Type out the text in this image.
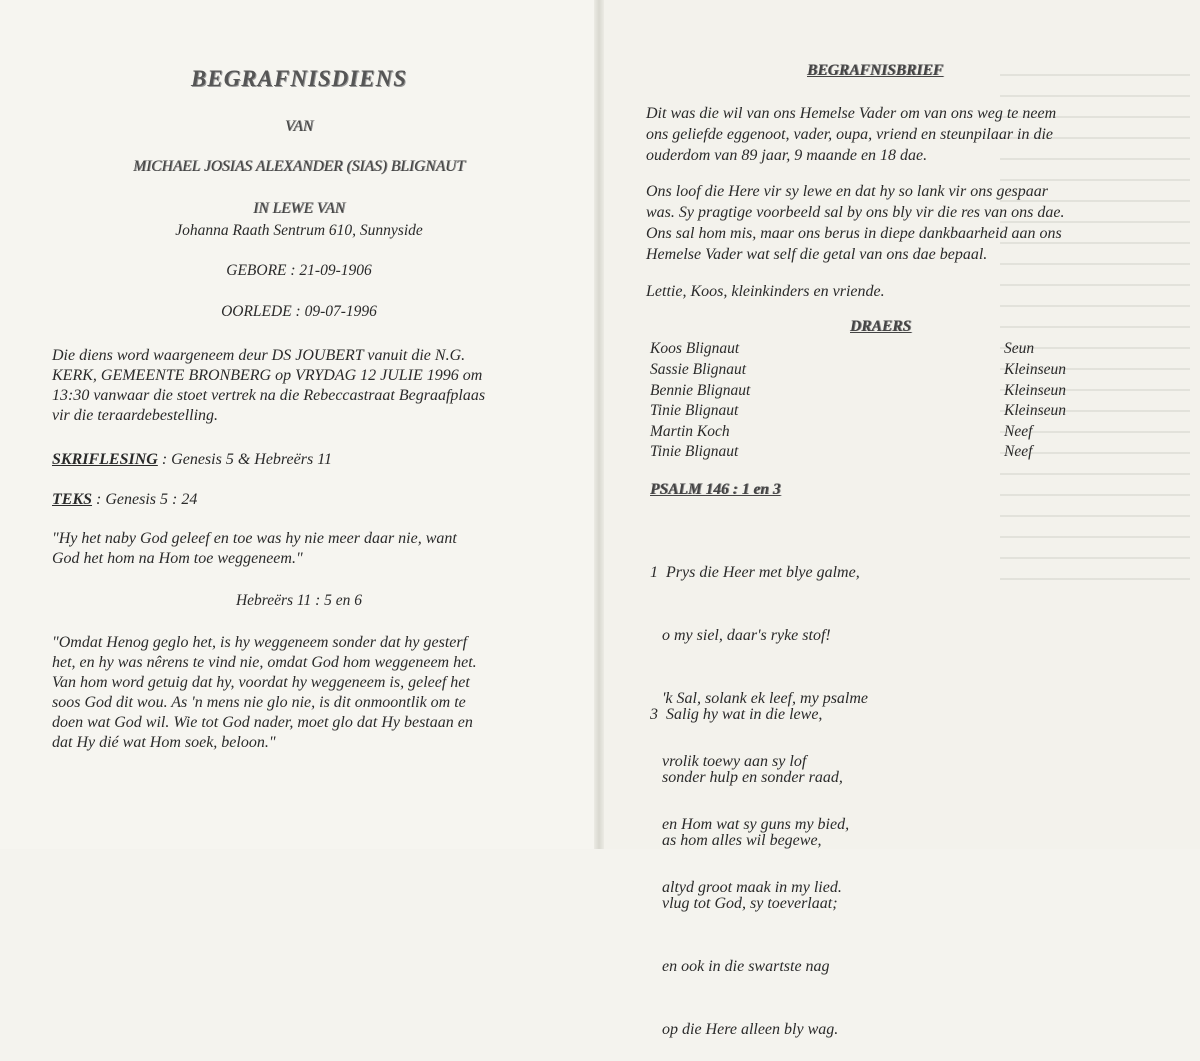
BEGRAFNISDIENS
VAN
MICHAEL JOSIAS ALEXANDER (SIAS) BLIGNAUT
IN LEWE VAN
Johanna Raath Sentrum 610, Sunnyside
GEBORE : 21-09-1906
OORLEDE : 09-07-1996
Die diens word waargeneem deur DS JOUBERT vanuit die N.G.
KERK, GEMEENTE BRONBERG op VRYDAG 12 JULIE 1996 om
13:30 vanwaar die stoet vertrek na die Rebeccastraat Begraafplaas
vir die teraardebestelling.
SKRIFLESING : Genesis 5 & Hebreërs 11
TEKS : Genesis 5 : 24
"Hy het naby God geleef en toe was hy nie meer daar nie, want
God het hom na Hom toe weggeneem."
Hebreërs 11 : 5 en 6
"Omdat Henog geglo het, is hy weggeneem sonder dat hy gesterf
het, en hy was nêrens te vind nie, omdat God hom weggeneem het.
Van hom word getuig dat hy, voordat hy weggeneem is, geleef het
soos God dit wou. As 'n mens nie glo nie, is dit onmoontlik om te
doen wat God wil. Wie tot God nader, moet glo dat Hy bestaan en
dat Hy dié wat Hom soek, beloon."
BEGRAFNISBRIEF
Dit was die wil van ons Hemelse Vader om van ons weg te neem
ons geliefde eggenoot, vader, oupa, vriend en steunpilaar in die
ouderdom van 89 jaar, 9 maande en 18 dae.
Ons loof die Here vir sy lewe en dat hy so lank vir ons gespaar
was. Sy pragtige voorbeeld sal by ons bly vir die res van ons dae.
Ons sal hom mis, maar ons berus in diepe dankbaarheid aan ons
Hemelse Vader wat self die getal van ons dae bepaal.
Lettie, Koos, kleinkinders en vriende.
DRAERS
Koos Blignaut	Seun
Sassie Blignaut	Kleinseun
Bennie Blignaut	Kleinseun
Tinie Blignaut	Kleinseun
Martin Koch	Neef
Tinie Blignaut	Neef
PSALM 146 : 1 en 3

1  Prys die Heer met blye galme,

o my siel, daar's ryke stof!

'k Sal, solank ek leef, my psalme

vrolik toewy aan sy lof

en Hom wat sy guns my bied,

altyd groot maak in my lied.

3  Salig hy wat in die lewe,

sonder hulp en sonder raad,

as hom alles wil begewe,

vlug tot God, sy toeverlaat;

en ook in die swartste nag

op die Here alleen bly wag.
